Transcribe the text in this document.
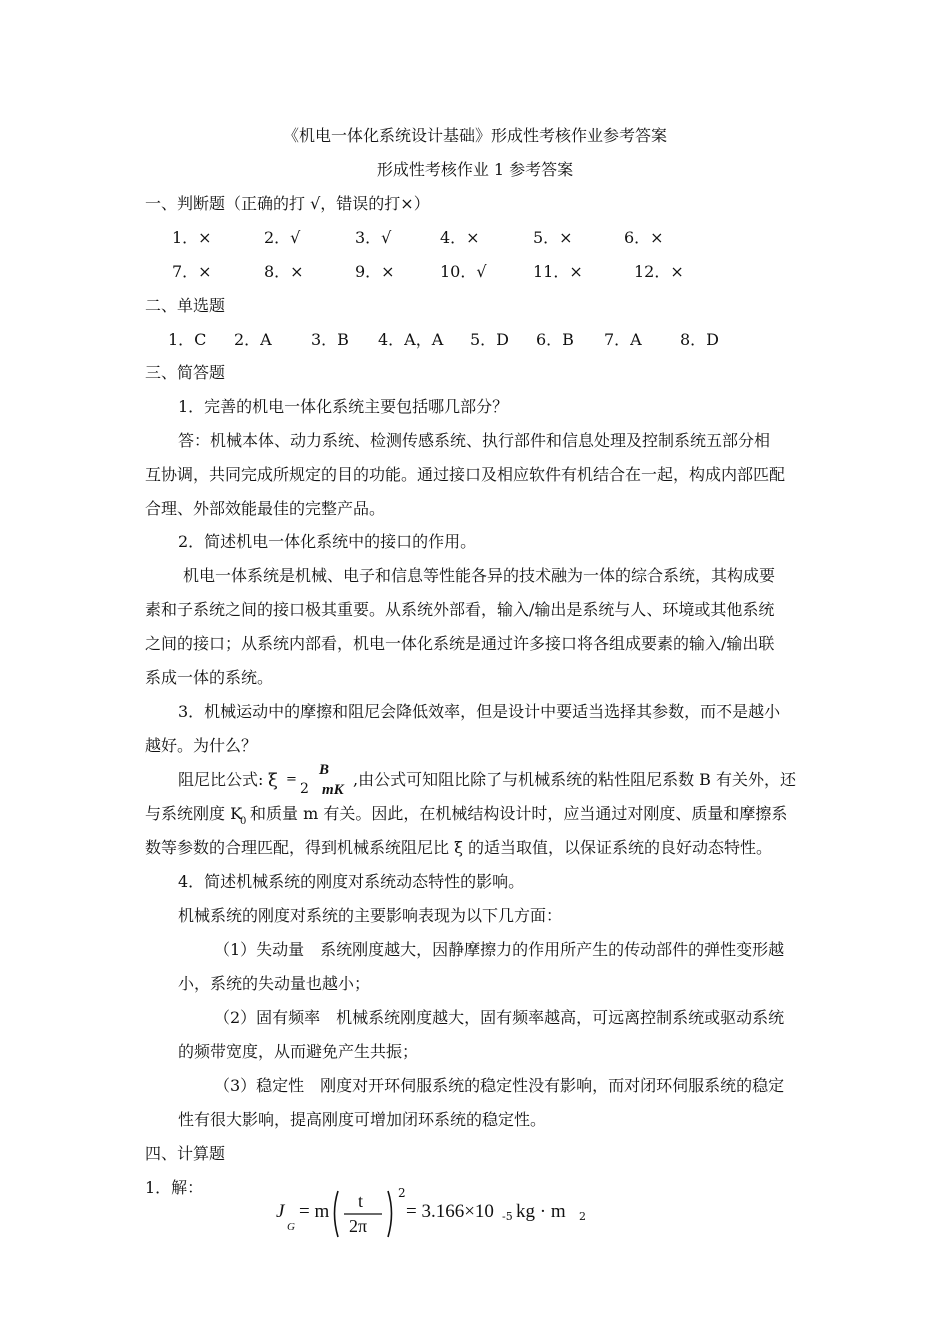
《机电一体化系统设计基础》形成性考核作业参考答案
形成性考核作业 1 参考答案
一、判断题（正确的打 √，错误的打×）
1．×	2．√	3．√	4．×	5．×	6．×
7．×	8．×	9．×	10．√	11．×	12．×
二、单选题
1．C 2．A 3．B 4．A，A 5．D 6．B 7．A 8．D
三、简答题
1．完善的机电一体化系统主要包括哪几部分？
答：机械本体、动力系统、检测传感系统、执行部件和信息处理及控制系统五部分相
互协调，共同完成所规定的目的功能。通过接口及相应软件有机结合在一起，构成内部匹配
合理、外部效能最佳的完整产品。
2．简述机电一体化系统中的接口的作用。
机电一体系统是机械、电子和信息等性能各异的技术融为一体的综合系统，其构成要
素和子系统之间的接口极其重要。从系统外部看，输入/输出是系统与人、环境或其他系统
之间的接口；从系统内部看，机电一体化系统是通过许多接口将各组成要素的输入/输出联
系成一体的系统。
3．机械运动中的摩擦和阻尼会降低效率，但是设计中要适当选择其参数，而不是越小
越好。为什么？
阻尼比公式: ξ =
B
2 mK
,由公式可知阻比除了与机械系统的粘性阻尼系数 B 有关外，还
与系统刚度 K
0 和质量 m 有关。因此，在机械结构设计时，应当通过对刚度、质量和摩擦系
数等参数的合理匹配，得到机械系统阻尼比 ξ 的适当取值，以保证系统的良好动态特性。
4．简述机械系统的刚度对系统动态特性的影响。
机械系统的刚度对系统的主要影响表现为以下几方面：
（1）失动量　系统刚度越大，因静摩擦力的作用所产生的传动部件的弹性变形越
小，系统的失动量也越小；
（2）固有频率　机械系统刚度越大，固有频率越高，可远离控制系统或驱动系统
的频带宽度，从而避免产生共振；
（3）稳定性　刚度对开环伺服系统的稳定性没有影响，而对闭环伺服系统的稳定
性有很大影响，提高刚度可增加闭环系统的稳定性。
四、计算题
1．解：
J
G
= m t
2π
2
= 3.166×10 -5 kg · m 2
